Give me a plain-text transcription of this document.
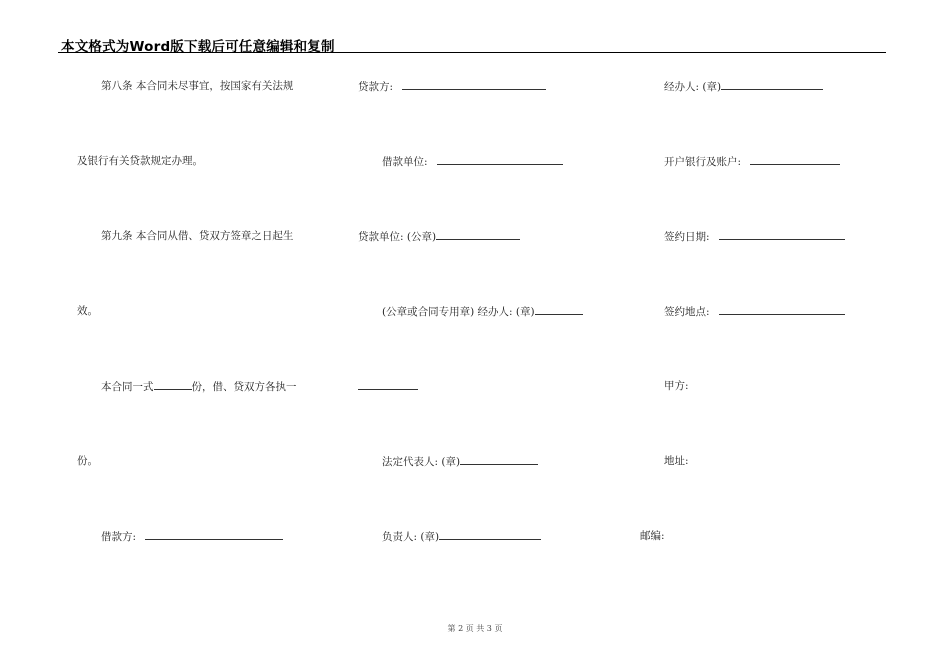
本文格式为Word版下载后可任意编辑和复制
第八条 本合同未尽事宜，按国家有关法规
及银行有关贷款规定办理。
第九条 本合同从借、贷双方签章之日起生
效。
本合同一式	份，借、贷双方各执一
份。
借款方:
贷款方:
借款单位:
贷款单位: (公章)
(公章或合同专用章) 经办人: (章)
法定代表人: (章)
负责人: (章)
经办人: (章)
开户银行及账户:
签约日期:
签约地点:
甲方:
地址:
邮编:
第 2 页 共 3 页
